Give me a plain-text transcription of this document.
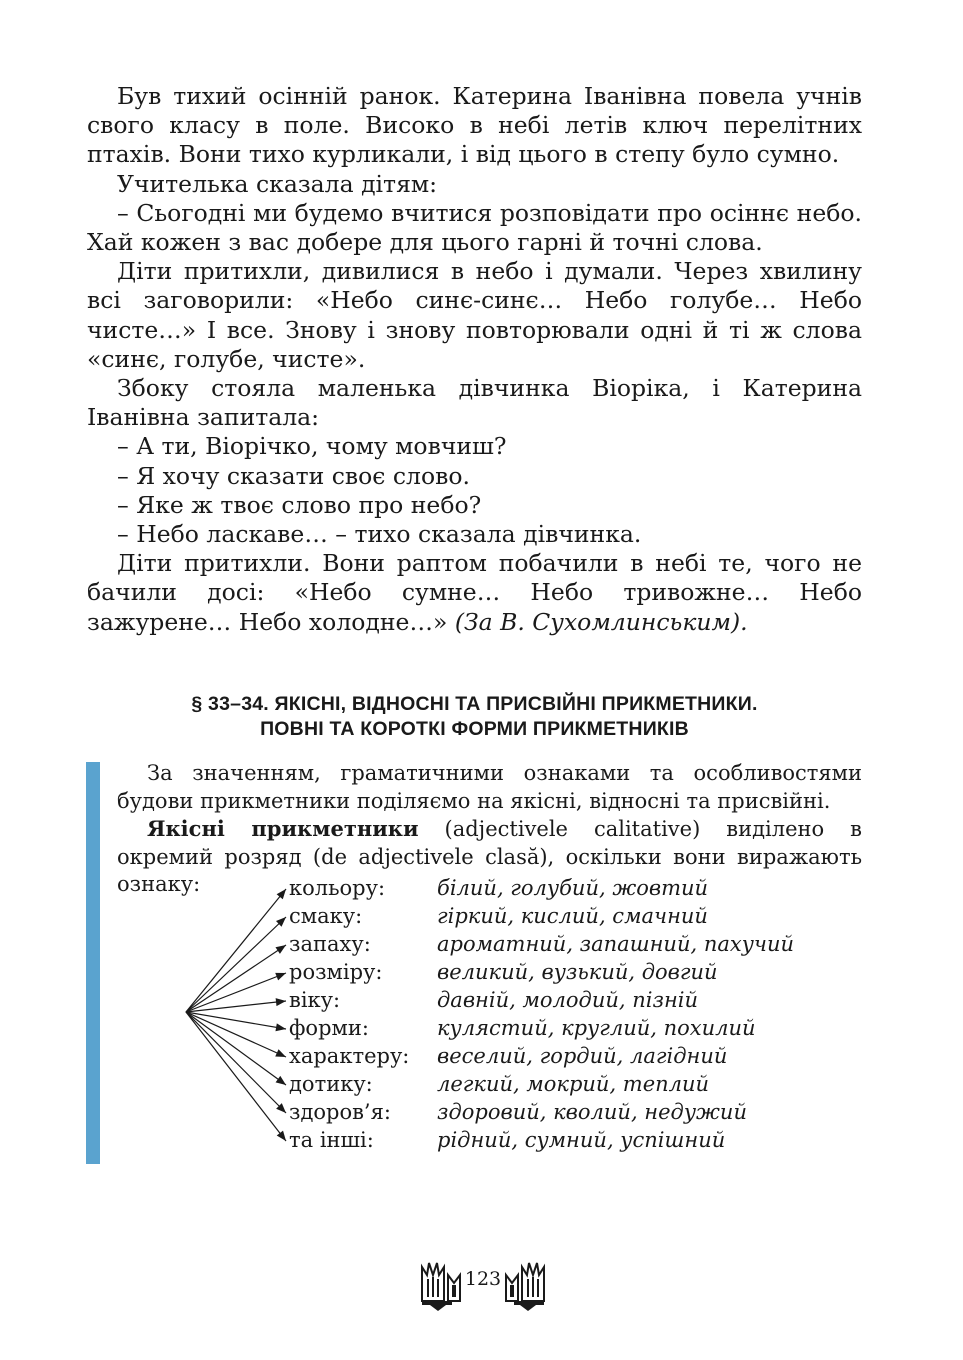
Був тихий осінній ранок. Катерина Іванівна повела учнів свого класу в поле. Високо в небі летів ключ перелітних птахів. Вони тихо курликали, і від цього в степу було сумно.

Учителька сказала дітям:

– Сьогодні ми будемо вчитися розповідати про осіннє небо. Хай кожен з вас добере для цього гарні й точні слова.

Діти притихли, дивилися в небо і думали. Через хвилину всі заговорили: «Небо синє-синє… Небо голубе… Небо чисте…» І все. Знову і знову повторювали одні й ті ж слова «синє, голубе, чисте».

Збоку стояла маленька дівчинка Віоріка, і Катерина Іванівна запитала:

– А ти, Віорічко, чому мовчиш?

– Я хочу сказати своє слово.

– Яке ж твоє слово про небо?

– Небо ласкаве… – тихо сказала дівчинка.

Діти притихли. Вони раптом побачили в небі те, чого не бачили досі: «Небо сумне… Небо тривожне… Небо зажурене… Небо холодне…» (За В. Сухомлинським).

§ 33–34. ЯКІСНІ, ВІДНОСНІ ТА ПРИСВІЙНІ ПРИКМЕТНИКИ.
ПОВНІ ТА КОРОТКІ ФОРМИ ПРИКМЕТНИКІВ

За значенням, граматичними ознаками та особливостями будови прикметники поділяємо на якісні, відносні та присвійні.

Якісні прикметники (adjectivele calitative) виділено в окремий розряд (de adjectivele clasă), оскільки вони виражають ознаку:	кольору: білий, голубий, жовтий
смаку:	гіркий, кислий, смачний
запаху:	ароматний, запашний, пахучий
розміру:	великий, вузький, довгий
віку:	давній, молодий, пізній
форми:	кулястий, круглий, похилий
характеру: веселий, гордий, лагідний
дотику:	легкий, мокрий, теплий
здоров’я: здоровий, кволий, недужий
та інші:	рідний, сумний, успішний
123
